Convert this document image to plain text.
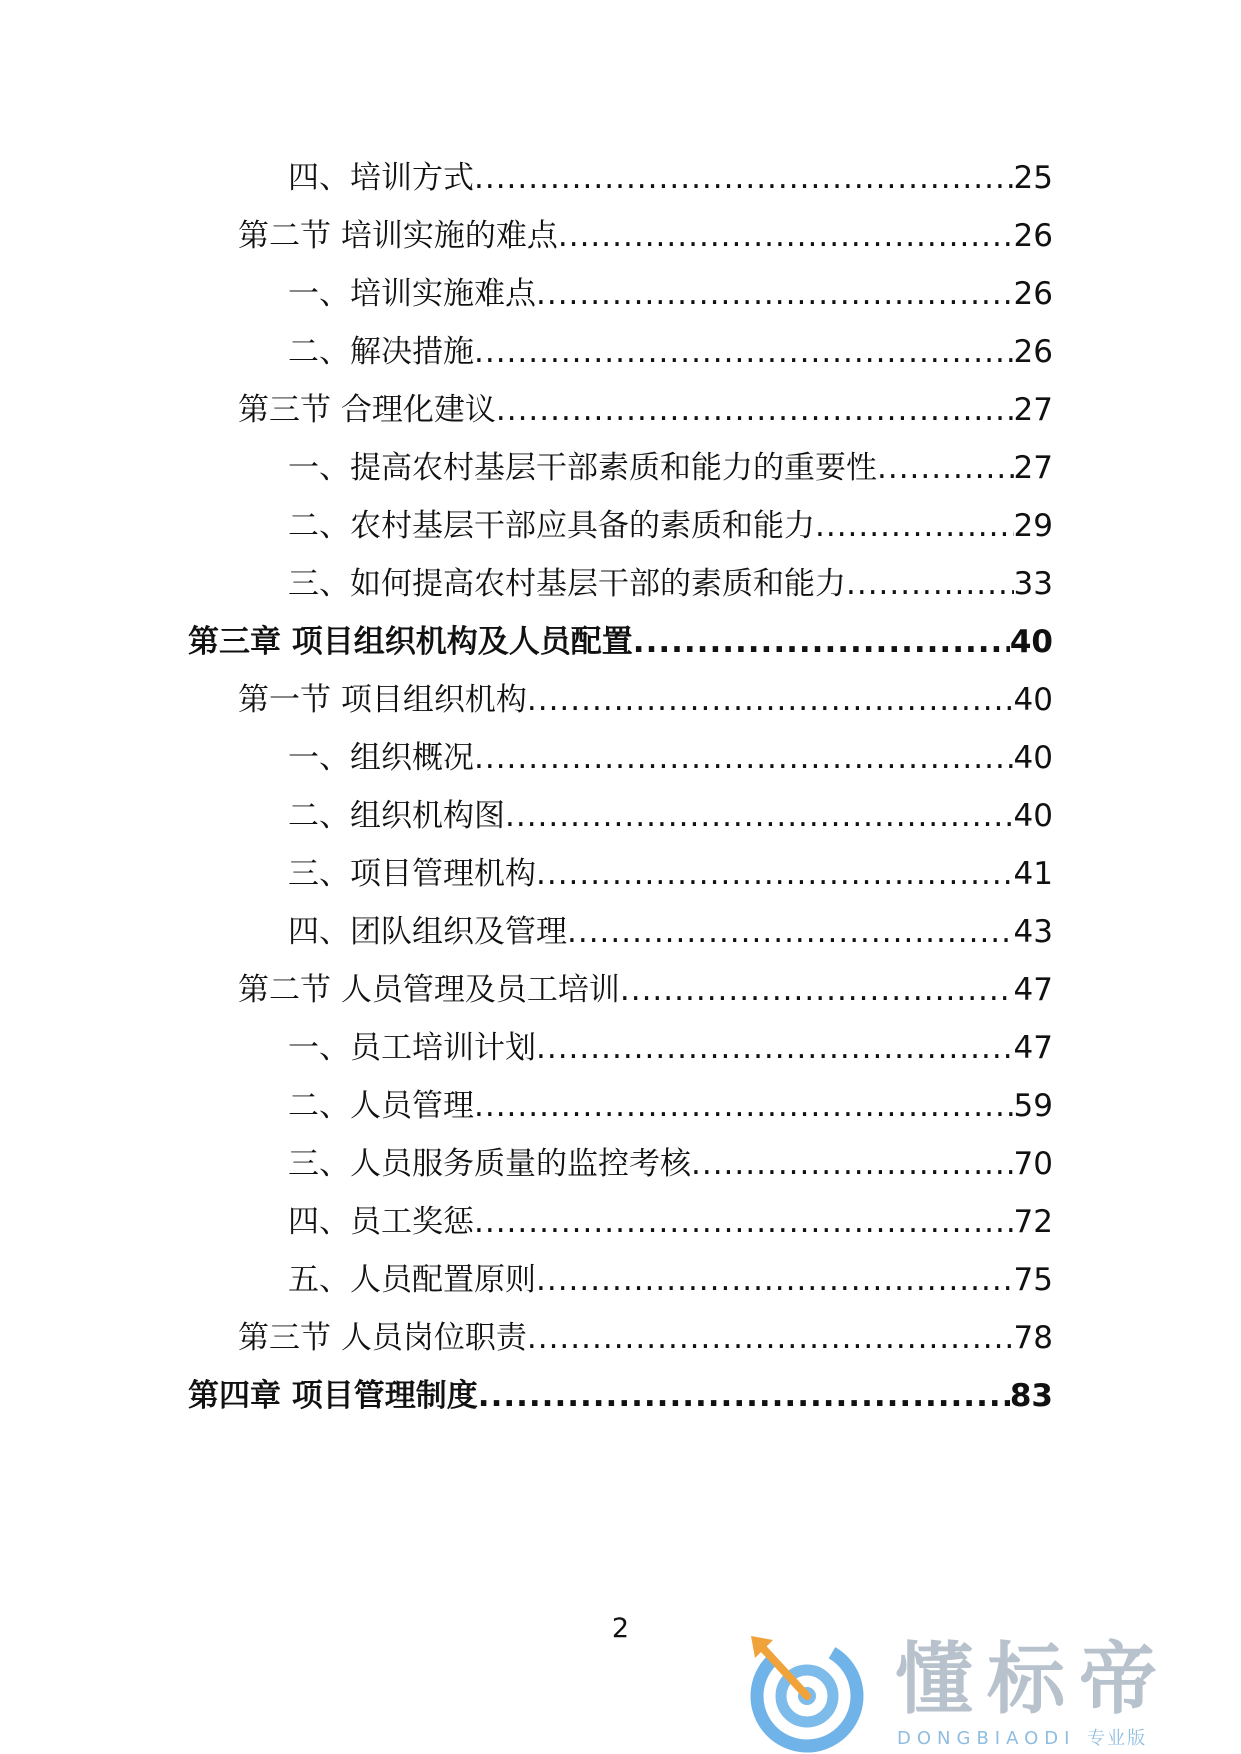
四、培训方式 .....	25
第二节 培训实施的难点 .....	26
一、培训实施难点 .....	26
二、解决措施 .....	26
第三节 合理化建议 .....	27
一、提高农村基层干部素质和能力的重要性 .....	27
二、农村基层干部应具备的素质和能力 .....	29
三、如何提高农村基层干部的素质和能力 .....	33
第三章 项目组织机构及人员配置 .....	40
第一节 项目组织机构 .....	40
一、组织概况 .....	40
二、组织机构图 .....	40
三、项目管理机构 .....	41
四、团队组织及管理 .....	43
第二节 人员管理及员工培训 .....	47
一、员工培训计划 .....	47
二、人员管理 .....	59
三、人员服务质量的监控考核 .....	70
四、员工奖惩 .....	72
五、人员配置原则 .....	75
第三节 人员岗位职责 .....	78
第四章 项目管理制度 .....	83
2
懂标帝
DONGBIAODI 专业版
